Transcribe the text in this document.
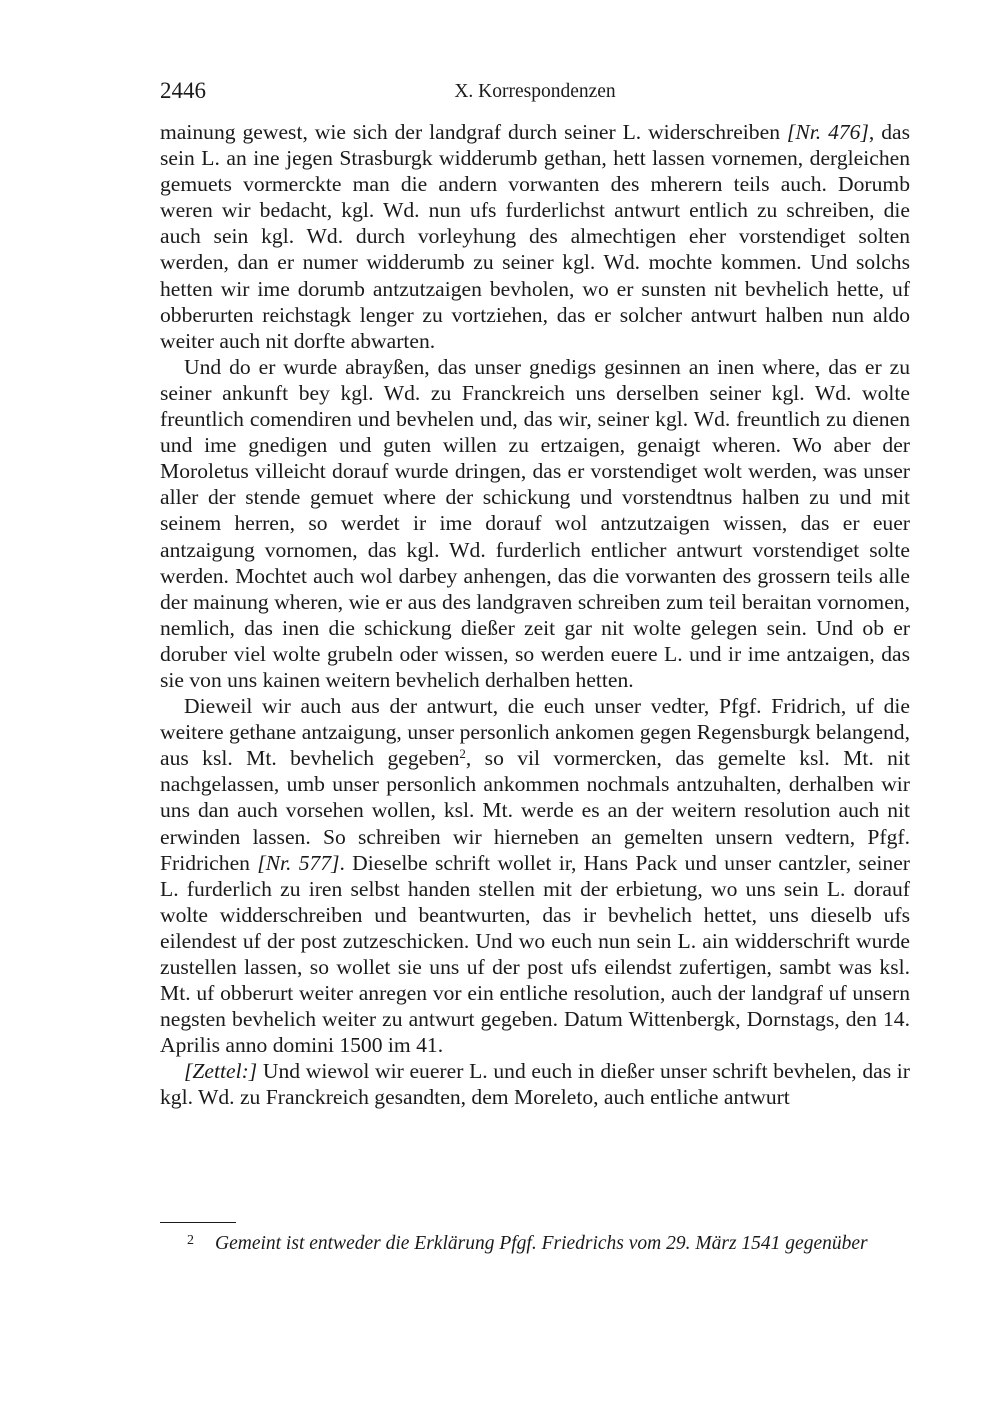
2446	X. Korrespondenzen

mainung gewest, wie sich der landgraf durch seiner L. widerschreiben [Nr. 476], das sein L. an ine jegen Strasburgk widderumb gethan, hett lassen vornemen, dergleichen gemuets vormerckte man die andern vorwanten des mherern teils auch. Dorumb weren wir bedacht, kgl. Wd. nun ufs furderlichst antwurt entlich zu schreiben, die auch sein kgl. Wd. durch vorleyhung des almechtigen eher vorstendiget solten werden, dan er numer widderumb zu seiner kgl. Wd. mochte kommen. Und solchs hetten wir ime dorumb antzutzaigen bevholen, wo er sunsten nit bevhelich hette, uf obberurten reichstagk lenger zu vortziehen, das er solcher antwurt halben nun aldo weiter auch nit dorfte abwarten.

Und do er wurde abrayßen, das unser gnedigs gesinnen an inen where, das er zu seiner ankunft bey kgl. Wd. zu Franckreich uns derselben seiner kgl. Wd. wolte freuntlich comendiren und bevhelen und, das wir, seiner kgl. Wd. freuntlich zu dienen und ime gnedigen und guten willen zu ertzaigen, genaigt wheren. Wo aber der Moroletus villeicht dorauf wurde dringen, das er vorstendiget wolt werden, was unser aller der stende gemuet where der schickung und vorstendtnus halben zu und mit seinem herren, so werdet ir ime dorauf wol antzutzaigen wissen, das er euer antzaigung vornomen, das kgl. Wd. furderlich entlicher antwurt vorstendiget solte werden. Mochtet auch wol darbey anhengen, das die vorwanten des grossern teils alle der mainung wheren, wie er aus des landgraven schreiben zum teil beraitan vornomen, nemlich, das inen die schickung dießer zeit gar nit wolte gelegen sein. Und ob er doruber viel wolte grubeln oder wissen, so werden euere L. und ir ime antzaigen, das sie von uns kainen weitern bevhelich derhalben hetten.

Dieweil wir auch aus der antwurt, die euch unser vedter, Pfgf. Fridrich, uf die weitere gethane antzaigung, unser personlich ankomen gegen Regensburgk belangend, aus ksl. Mt. bevhelich gegeben$^2$, so vil vormercken, das gemelte ksl. Mt. nit nachgelassen, umb unser personlich ankommen nochmals antzuhalten, derhalben wir uns dan auch vorsehen wollen, ksl. Mt. werde es an der weitern resolution auch nit erwinden lassen. So schreiben wir hierneben an gemelten unsern vedtern, Pfgf. Fridrichen [Nr. 577]. Dieselbe schrift wollet ir, Hans Pack und unser cantzler, seiner L. furderlich zu iren selbst handen stellen mit der erbietung, wo uns sein L. dorauf wolte widderschreiben und beantwurten, das ir bevhelich hettet, uns dieselb ufs eilendest uf der post zutzeschicken. Und wo euch nun sein L. ain widderschrift wurde zustellen lassen, so wollet sie uns uf der post ufs eilendst zufertigen, sambt was ksl. Mt. uf obberurt weiter anregen vor ein entliche resolution, auch der landgraf uf unsern negsten bevhelich weiter zu antwurt gegeben. Datum Wittenbergk, Dornstags, den 14. Aprilis anno domini 1500 im 41.

[Zettel:] Und wiewol wir euerer L. und euch in dießer unser schrift bevhelen, das ir kgl. Wd. zu Franckreich gesandten, dem Moreleto, auch entliche antwurt

2 Gemeint ist entweder die Erklärung Pfgf. Friedrichs vom 29. März 1541 gegenüber
